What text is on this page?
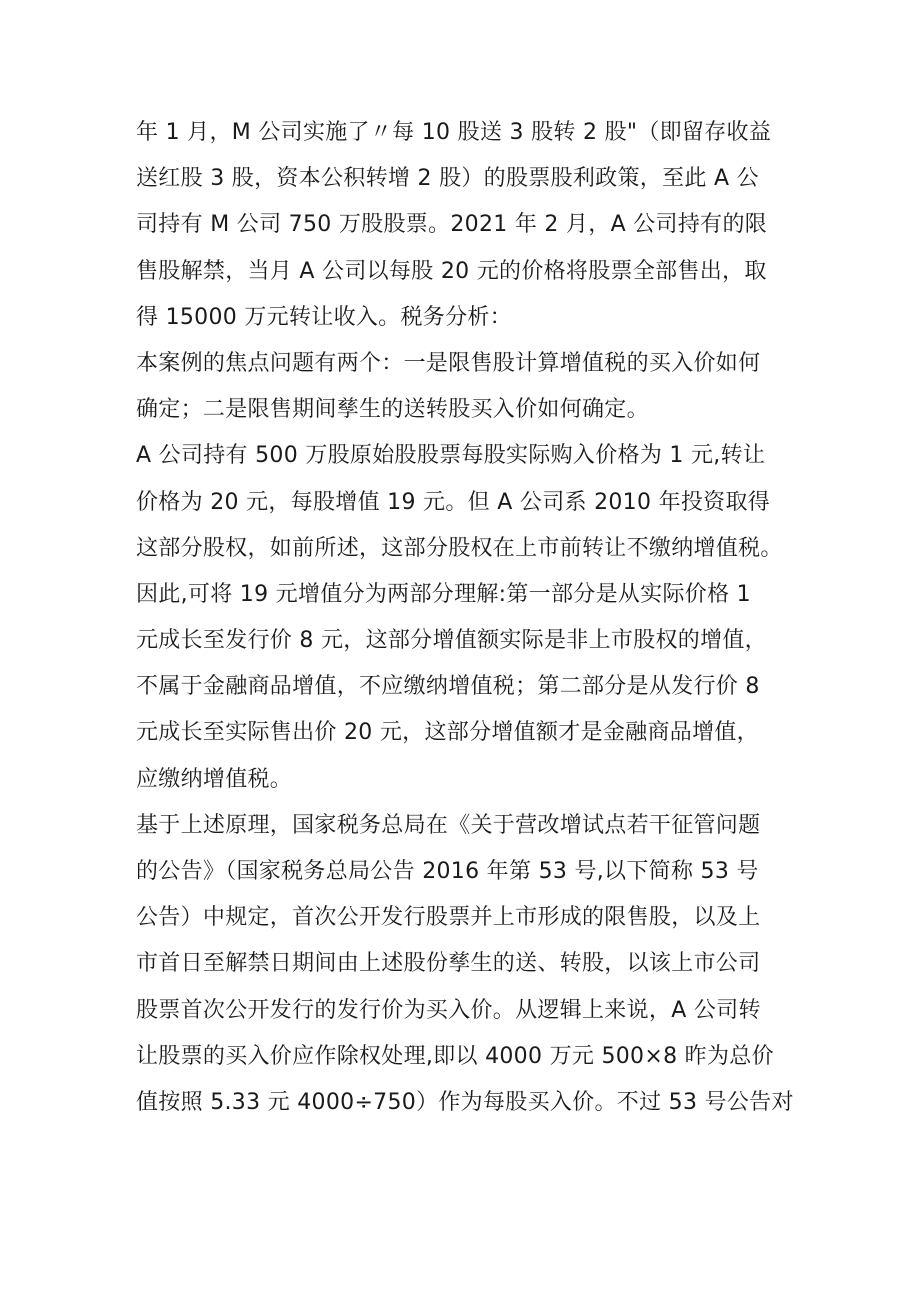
年 1 月，M 公司实施了〃每 10 股送 3 股转 2 股"（即留存收益
送红股 3 股，资本公积转增 2 股）的股票股利政策，至此 A 公
司持有 M 公司 750 万股股票。2021 年 2 月，A 公司持有的限
售股解禁，当月 A 公司以每股 20 元的价格将股票全部售出，取
得 15000 万元转让收入。税务分析：
本案例的焦点问题有两个：一是限售股计算增值税的买入价如何
确定；二是限售期间孳生的送转股买入价如何确定。
A 公司持有 500 万股原始股股票每股实际购入价格为 1 元,转让
价格为 20 元，每股增值 19 元。但 A 公司系 2010 年投资取得
这部分股权，如前所述，这部分股权在上市前转让不缴纳增值税。
因此,可将 19 元增值分为两部分理解:第一部分是从实际价格 1
元成长至发行价 8 元，这部分增值额实际是非上市股权的增值，
不属于金融商品增值，不应缴纳增值税；第二部分是从发行价 8
元成长至实际售出价 20 元，这部分增值额才是金融商品增值，
应缴纳增值税。
基于上述原理，国家税务总局在《关于营改增试点若干征管问题
的公告》（国家税务总局公告 2016 年第 53 号,以下简称 53 号
公告）中规定，首次公开发行股票并上市形成的限售股，以及上
市首日至解禁日期间由上述股份孳生的送、转股，以该上市公司
股票首次公开发行的发行价为买入价。从逻辑上来说，A 公司转
让股票的买入价应作除权处理,即以 4000 万元 500×8 昨为总价
值按照 5.33 元 4000÷750）作为每股买入价。不过 53 号公告对
